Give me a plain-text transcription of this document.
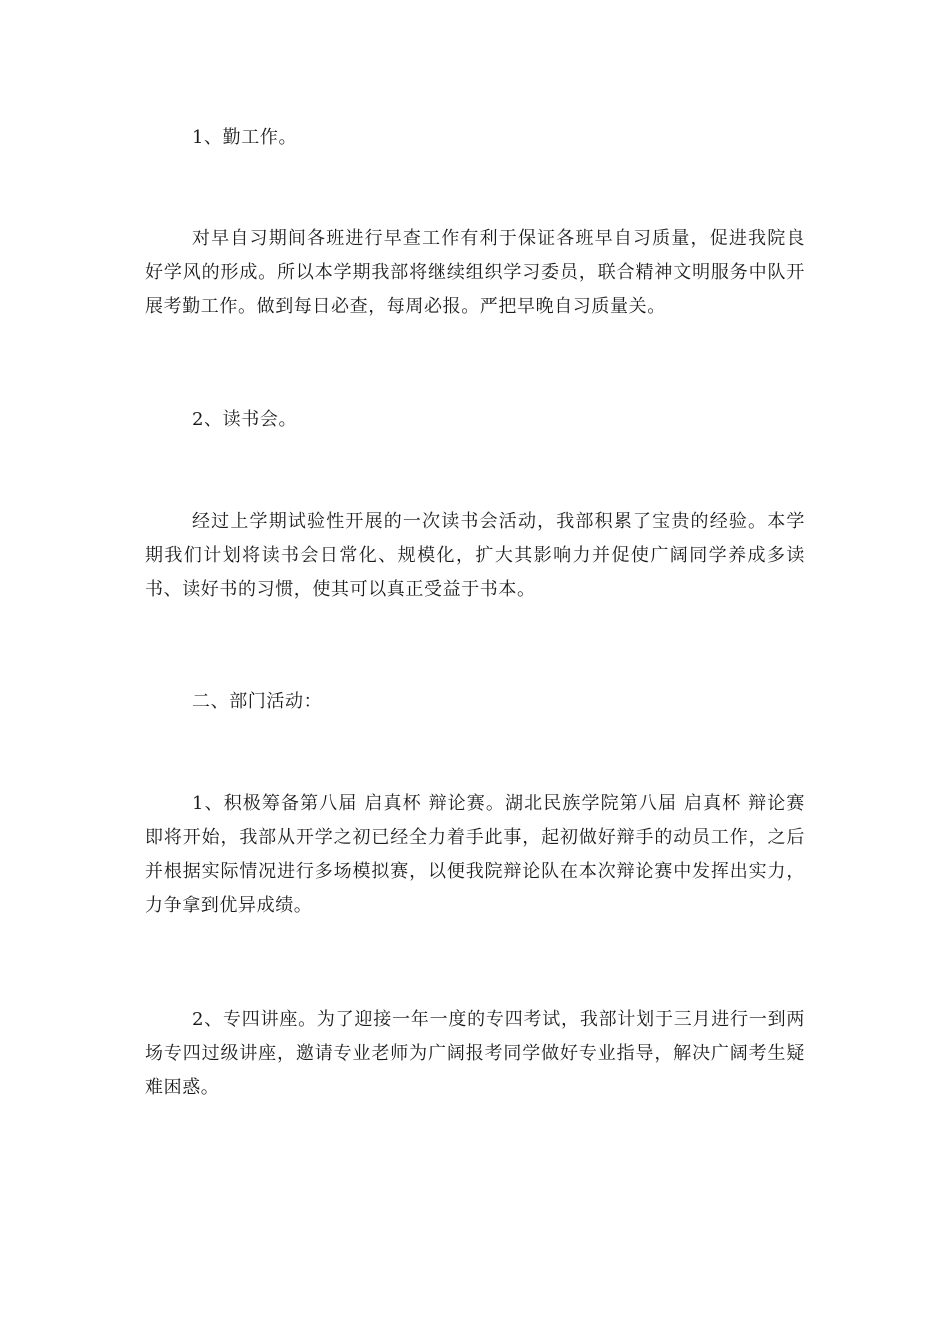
1、勤工作。

对早自习期间各班进行早查工作有利于保证各班早自习质量，促进我院良好学风的形成。所以本学期我部将继续组织学习委员，联合精神文明服务中队开展考勤工作。做到每日必查，每周必报。严把早晚自习质量关。

2、读书会。

经过上学期试验性开展的一次读书会活动，我部积累了宝贵的经验。本学期我们计划将读书会日常化、规模化，扩大其影响力并促使广阔同学养成多读书、读好书的习惯，使其可以真正受益于书本。

二、部门活动：

1、积极筹备第八届 启真杯 辩论赛。湖北民族学院第八届 启真杯 辩论赛即将开始，我部从开学之初已经全力着手此事，起初做好辩手的动员工作，之后并根据实际情况进行多场模拟赛，以便我院辩论队在本次辩论赛中发挥出实力，力争拿到优异成绩。

2、专四讲座。为了迎接一年一度的专四考试，我部计划于三月进行一到两场专四过级讲座，邀请专业老师为广阔报考同学做好专业指导，解决广阔考生疑难困惑。
